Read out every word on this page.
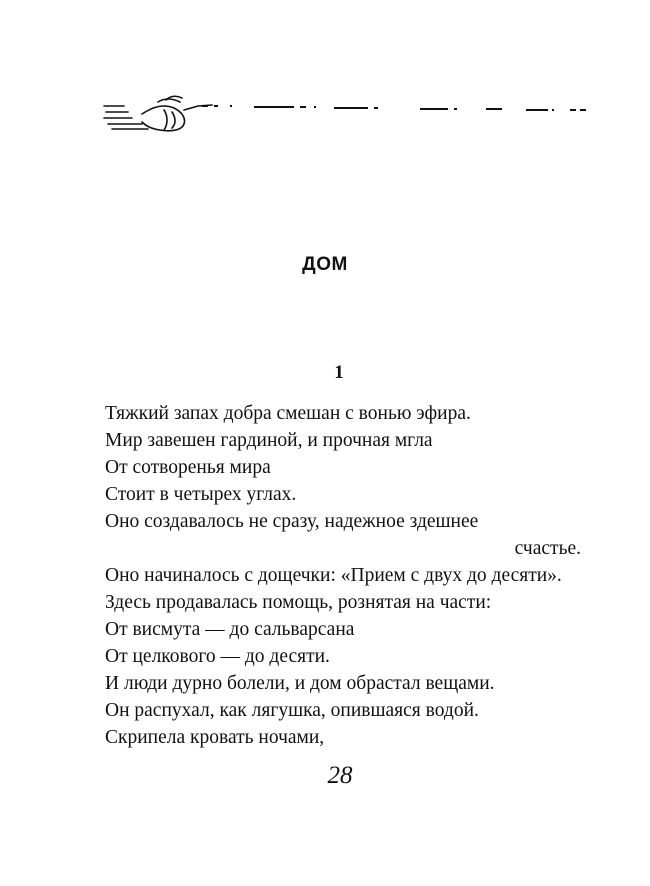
ДОМ
1
Тяжкий запах добра смешан с вонью эфира.
Мир завешен гардиной, и прочная мгла
От сотворенья мира
Стоит в четырех углах.
Оно создавалось не сразу, надежное здешнее
счастье.
Оно начиналось с дощечки: «Прием с двух до десяти».
Здесь продавалась помощь, рознятая на части:
От висмута — до сальварсана
От целкового — до десяти.
И люди дурно болели, и дом обрастал вещами.
Он распухал, как лягушка, опившаяся водой.
Скрипела кровать ночами,
28
